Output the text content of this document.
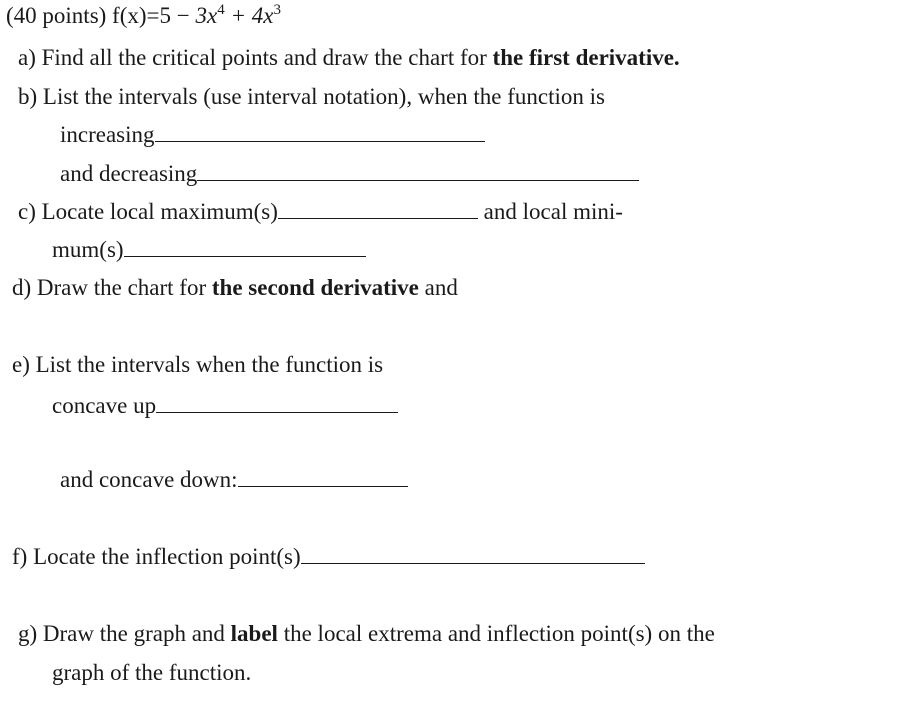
(40 points) $f(x)=5 - 3x^4 + 4x^3$
a) Find all the critical points and draw the chart for the first derivative.
b) List the intervals (use interval notation), when the function is
increasing
and decreasing
c) Locate local maximum(s)	and local mini-
mum(s)
d) Draw the chart for the second derivative and
e) List the intervals when the function is
concave up
and concave down:
f) Locate the inflection point(s)
g) Draw the graph and label the local extrema and inflection point(s) on the
graph of the function.
